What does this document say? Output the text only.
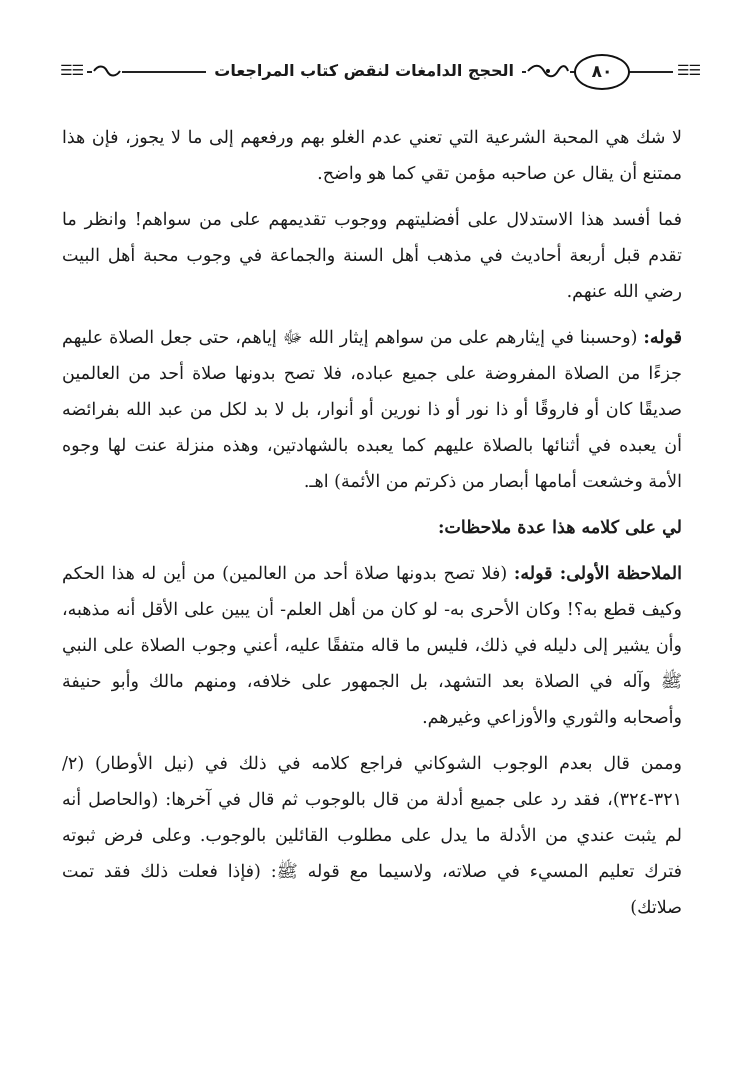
☰☰
٨٠
الحجج الدامغات لنقض كتاب المراجعات
☰☰

لا شك هي المحبة الشرعية التي تعني عدم الغلو بهم ورفعهم إلى ما لا يجوز، فإن هذا ممتنع أن يقال عن صاحبه مؤمن تقي كما هو واضح.

فما أفسد هذا الاستدلال على أفضليتهم ووجوب تقديمهم على من سواهم! وانظر ما تقدم قبل أربعة أحاديث في مذهب أهل السنة والجماعة في وجوب محبة أهل البيت رضي الله عنهم.

قوله: (وحسبنا في إيثارهم على من سواهم إيثار الله ﷻ إياهم، حتى جعل الصلاة عليهم جزءًا من الصلاة المفروضة على جميع عباده، فلا تصح بدونها صلاة أحد من العالمين صديقًا كان أو فاروقًا أو ذا نور أو ذا نورين أو أنوار، بل لا بد لكل من عبد الله بفرائضه أن يعبده في أثنائها بالصلاة عليهم كما يعبده بالشهادتين، وهذه منزلة عنت لها وجوه الأمة وخشعت أمامها أبصار من ذكرتم من الأئمة) اهـ.

لي على كلامه هذا عدة ملاحظات:

الملاحظة الأولى: قوله: (فلا تصح بدونها صلاة أحد من العالمين) من أين له هذا الحكم وكيف قطع به؟! وكان الأحرى به- لو كان من أهل العلم- أن يبين على الأقل أنه مذهبه، وأن يشير إلى دليله في ذلك، فليس ما قاله متفقًا عليه، أعني وجوب الصلاة على النبي ﷺ وآله في الصلاة بعد التشهد، بل الجمهور على خلافه، ومنهم مالك وأبو حنيفة وأصحابه والثوري والأوزاعي وغيرهم.

وممن قال بعدم الوجوب الشوكاني فراجع كلامه في ذلك في (نيل الأوطار) (٢/ ٣٢١-٣٢٤)، فقد رد على جميع أدلة من قال بالوجوب ثم قال في آخرها: (والحاصل أنه لم يثبت عندي من الأدلة ما يدل على مطلوب القائلين بالوجوب. وعلى فرض ثبوته فترك تعليم المسيء في صلاته، ولاسيما مع قوله ﷺ: (فإذا فعلت ذلك فقد تمت صلاتك)
